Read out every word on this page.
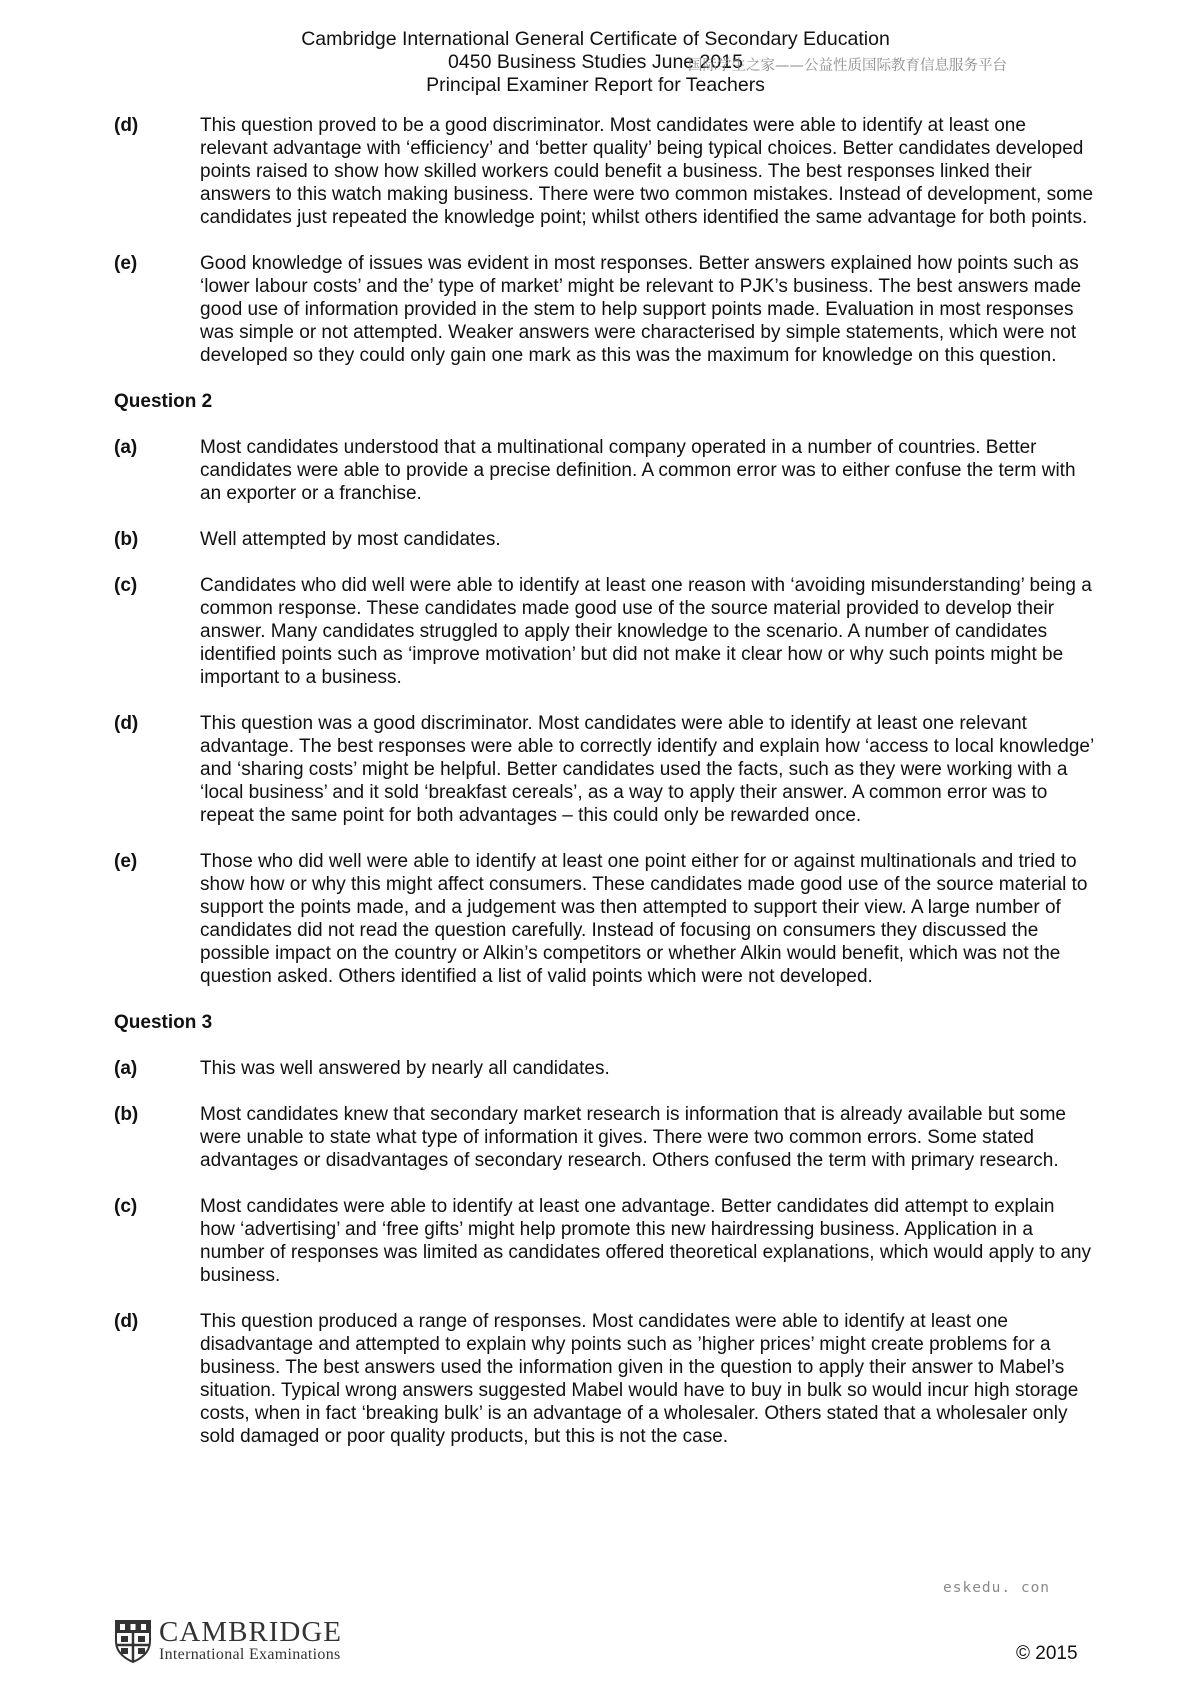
Cambridge International General Certificate of Secondary Education
0450 Business Studies June 2015
Principal Examiner Report for Teachers
国际学生之家——公益性质国际教育信息服务平台
(d)	This question proved to be a good discriminator. Most candidates were able to identify at least one relevant advantage with ‘efficiency’ and ‘better quality’ being typical choices. Better candidates developed points raised to show how skilled workers could benefit a business. The best responses linked their answers to this watch making business. There were two common mistakes. Instead of development, some candidates just repeated the knowledge point; whilst others identified the same advantage for both points.
(e)	Good knowledge of issues was evident in most responses. Better answers explained how points such as ‘lower labour costs’ and the’ type of market’ might be relevant to PJK’s business. The best answers made good use of information provided in the stem to help support points made. Evaluation in most responses was simple or not attempted. Weaker answers were characterised by simple statements, which were not developed so they could only gain one mark as this was the maximum for knowledge on this question.
Question 2
(a)	Most candidates understood that a multinational company operated in a number of countries. Better candidates were able to provide a precise definition. A common error was to either confuse the term with an exporter or a franchise.
(b)	Well attempted by most candidates.
(c)	Candidates who did well were able to identify at least one reason with ‘avoiding misunderstanding’ being a common response. These candidates made good use of the source material provided to develop their answer. Many candidates struggled to apply their knowledge to the scenario. A number of candidates identified points such as ‘improve motivation’ but did not make it clear how or why such points might be important to a business.
(d)	This question was a good discriminator. Most candidates were able to identify at least one relevant advantage. The best responses were able to correctly identify and explain how ‘access to local knowledge’ and ‘sharing costs’ might be helpful. Better candidates used the facts, such as they were working with a ‘local business’ and it sold ‘breakfast cereals’, as a way to apply their answer. A common error was to repeat the same point for both advantages – this could only be rewarded once.
(e)	Those who did well were able to identify at least one point either for or against multinationals and tried to show how or why this might affect consumers. These candidates made good use of the source material to support the points made, and a judgement was then attempted to support their view. A large number of candidates did not read the question carefully. Instead of focusing on consumers they discussed the possible impact on the country or Alkin’s competitors or whether Alkin would benefit, which was not the question asked. Others identified a list of valid points which were not developed.
Question 3
(a)	This was well answered by nearly all candidates.
(b)	Most candidates knew that secondary market research is information that is already available but some were unable to state what type of information it gives. There were two common errors. Some stated advantages or disadvantages of secondary research. Others confused the term with primary research.
(c)	Most candidates were able to identify at least one advantage. Better candidates did attempt to explain how ‘advertising’ and ‘free gifts’ might help promote this new hairdressing business. Application in a number of responses was limited as candidates offered theoretical explanations, which would apply to any business.
(d)	This question produced a range of responses. Most candidates were able to identify at least one disadvantage and attempted to explain why points such as ’higher prices’ might create problems for a business. The best answers used the information given in the question to apply their answer to Mabel’s situation. Typical wrong answers suggested Mabel would have to buy in bulk so would incur high storage costs, when in fact ‘breaking bulk’ is an advantage of a wholesaler. Others stated that a wholesaler only sold damaged or poor quality products, but this is not the case.
eskedu. con
CAMBRIDGE
International Examinations	© 2015
